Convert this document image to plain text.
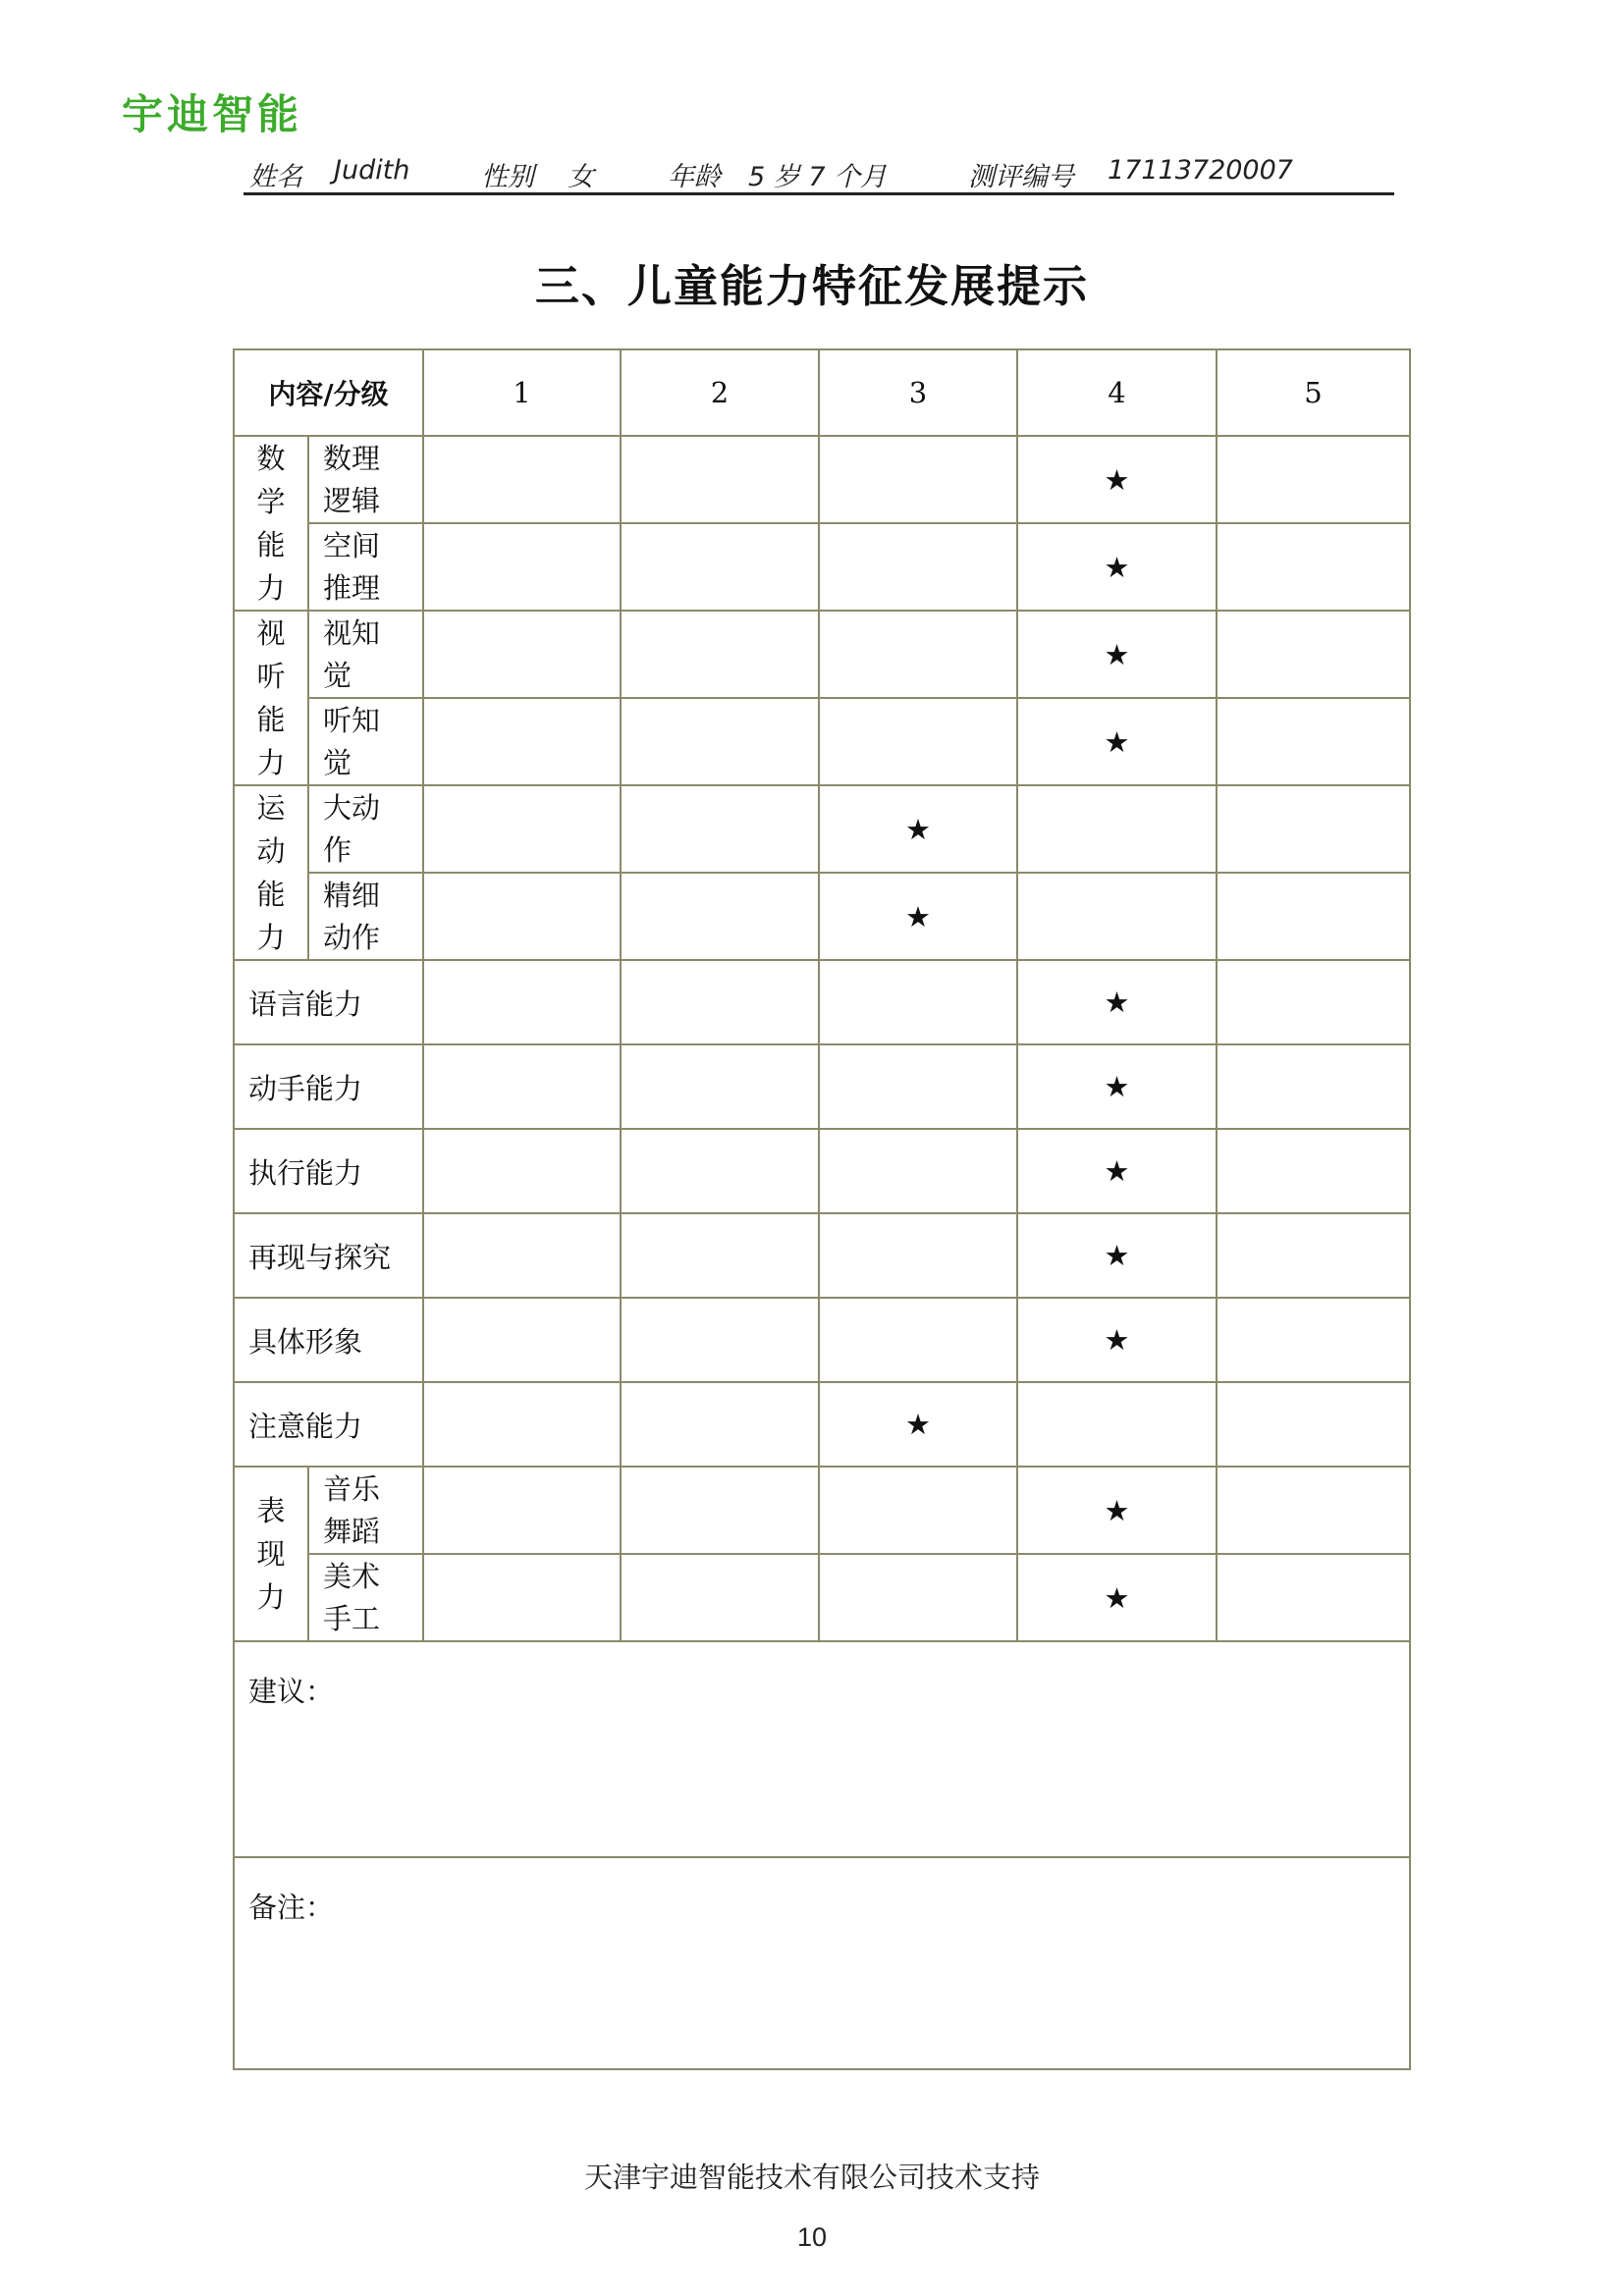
宇迪智能
姓名 Judith	性别 女	年龄 5 岁 7 个月	测评编号 17113720007
三、儿童能力特征发展提示
内容/分级		1	2	3	4	5

数学能力	数理逻辑				★	

	空间推理				★	

视听能力	视知觉				★	

	听知觉				★	

运动能力	大动作			★		

	精细动作			★		
语言能力					★	
动手能力					★	
执行能力					★	
再现与探究					★	
具体形象					★	
注意能力				★		

表现力	音乐舞蹈				★	

	美术手工				★	
建议：						
备注：						
天津宇迪智能技术有限公司技术支持
10
